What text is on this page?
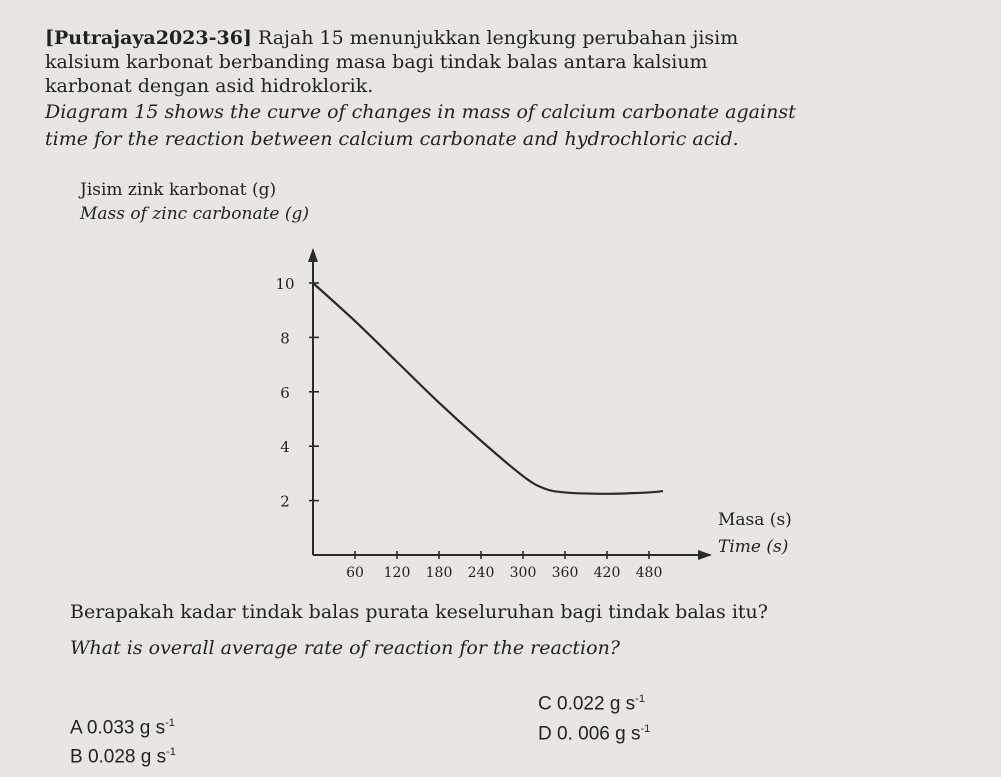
[Putrajaya2023-36] Rajah 15 menunjukkan lengkung perubahan jisim
kalsium karbonat berbanding masa bagi tindak balas antara kalsium
karbonat dengan asid hidroklorik.
Diagram 15 shows the curve of changes in mass of calcium carbonate against
time for the reaction between calcium carbonate and hydrochloric acid.
Jisim zink karbonat (g)
Mass of zinc carbonate (g)
2
4
6
8
10
60 120 180 240 300 360 420 480
Masa (s)
Time (s)
Berapakah kadar tindak balas purata keseluruhan bagi tindak balas itu?
What is overall average rate of reaction for the reaction?
A 0.033 g $s^{-1}$
B 0.028 g $s^{-1}$
C 0.022 g $s^{-1}$
D 0. 006 g $s^{-1}$
